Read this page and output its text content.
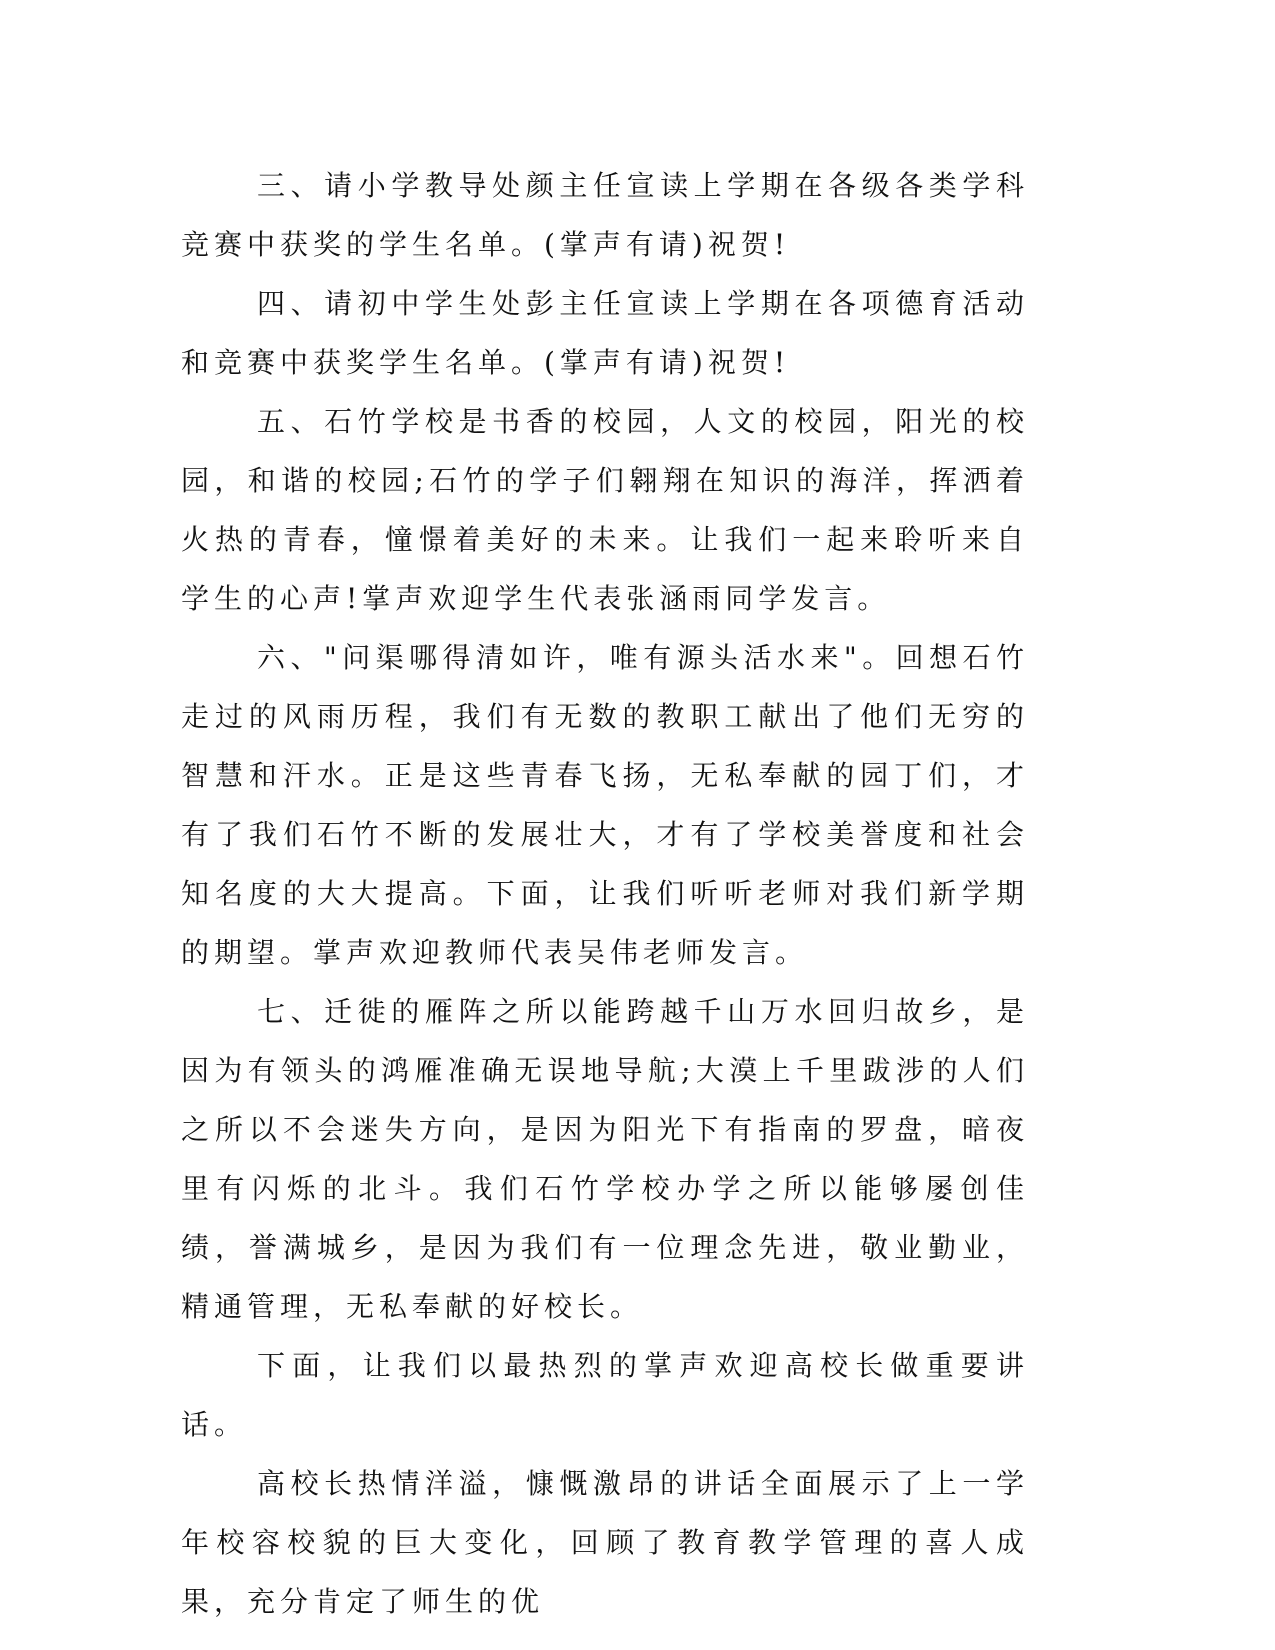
三、请小学教导处颜主任宣读上学期在各级各类学科竞赛中获奖的学生名单。(掌声有请)祝贺!

四、请初中学生处彭主任宣读上学期在各项德育活动和竞赛中获奖学生名单。(掌声有请)祝贺!

五、石竹学校是书香的校园，人文的校园，阳光的校园，和谐的校园;石竹的学子们翱翔在知识的海洋，挥洒着火热的青春，憧憬着美好的未来。让我们一起来聆听来自学生的心声!掌声欢迎学生代表张涵雨同学发言。

六、"问渠哪得清如许，唯有源头活水来"。回想石竹走过的风雨历程，我们有无数的教职工献出了他们无穷的智慧和汗水。正是这些青春飞扬，无私奉献的园丁们，才有了我们石竹不断的发展壮大，才有了学校美誉度和社会知名度的大大提高。下面，让我们听听老师对我们新学期的期望。掌声欢迎教师代表吴伟老师发言。

七、迁徙的雁阵之所以能跨越千山万水回归故乡，是因为有领头的鸿雁准确无误地导航;大漠上千里跋涉的人们之所以不会迷失方向，是因为阳光下有指南的罗盘，暗夜里有闪烁的北斗。我们石竹学校办学之所以能够屡创佳绩，誉满城乡，是因为我们有一位理念先进，敬业勤业，精通管理，无私奉献的好校长。

下面，让我们以最热烈的掌声欢迎高校长做重要讲话。

高校长热情洋溢，慷慨激昂的讲话全面展示了上一学年校容校貌的巨大变化，回顾了教育教学管理的喜人成果，充分肯定了师生的优
